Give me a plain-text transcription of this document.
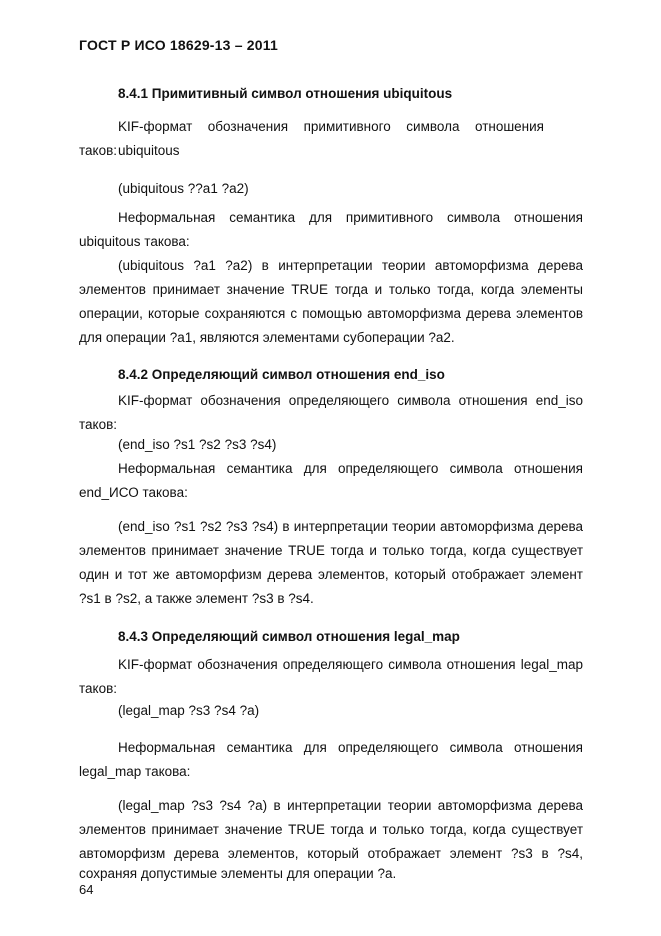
ГОСТ Р ИСО 18629-13 – 2011
8.4.1 Примитивный символ отношения ubiquitous
KIF-формат обозначения примитивного символа отношения ubiquitous
таков:
(ubiquitous ??a1 ?a2)
Неформальная семантика для примитивного символа отношения
ubiquitous такова:
(ubiquitous ?a1 ?a2) в интерпретации теории автоморфизма дерева
элементов принимает значение TRUE тогда и только тогда, когда элементы
операции, которые сохраняются с помощью автоморфизма дерева элементов
для операции ?a1, являются элементами субоперации ?a2.
8.4.2 Определяющий символ отношения end_iso
KIF-формат обозначения определяющего символа отношения end_iso
таков:
(end_iso ?s1 ?s2 ?s3 ?s4)
Неформальная семантика для определяющего символа отношения
end_ИСО такова:
(end_iso ?s1 ?s2 ?s3 ?s4) в интерпретации теории автоморфизма дерева
элементов принимает значение TRUE тогда и только тогда, когда существует
один и тот же автоморфизм дерева элементов, который отображает элемент
?s1 в ?s2, а также элемент ?s3 в ?s4.
8.4.3 Определяющий символ отношения legal_map
KIF-формат обозначения определяющего символа отношения legal_map
таков:
(legal_map ?s3 ?s4 ?a)
Неформальная семантика для определяющего символа отношения
legal_map такова:
(legal_map ?s3 ?s4 ?a) в интерпретации теории автоморфизма дерева
элементов принимает значение TRUE тогда и только тогда, когда существует
автоморфизм дерева элементов, который отображает элемент ?s3 в ?s4,
сохраняя допустимые элементы для операции ?a.
64
